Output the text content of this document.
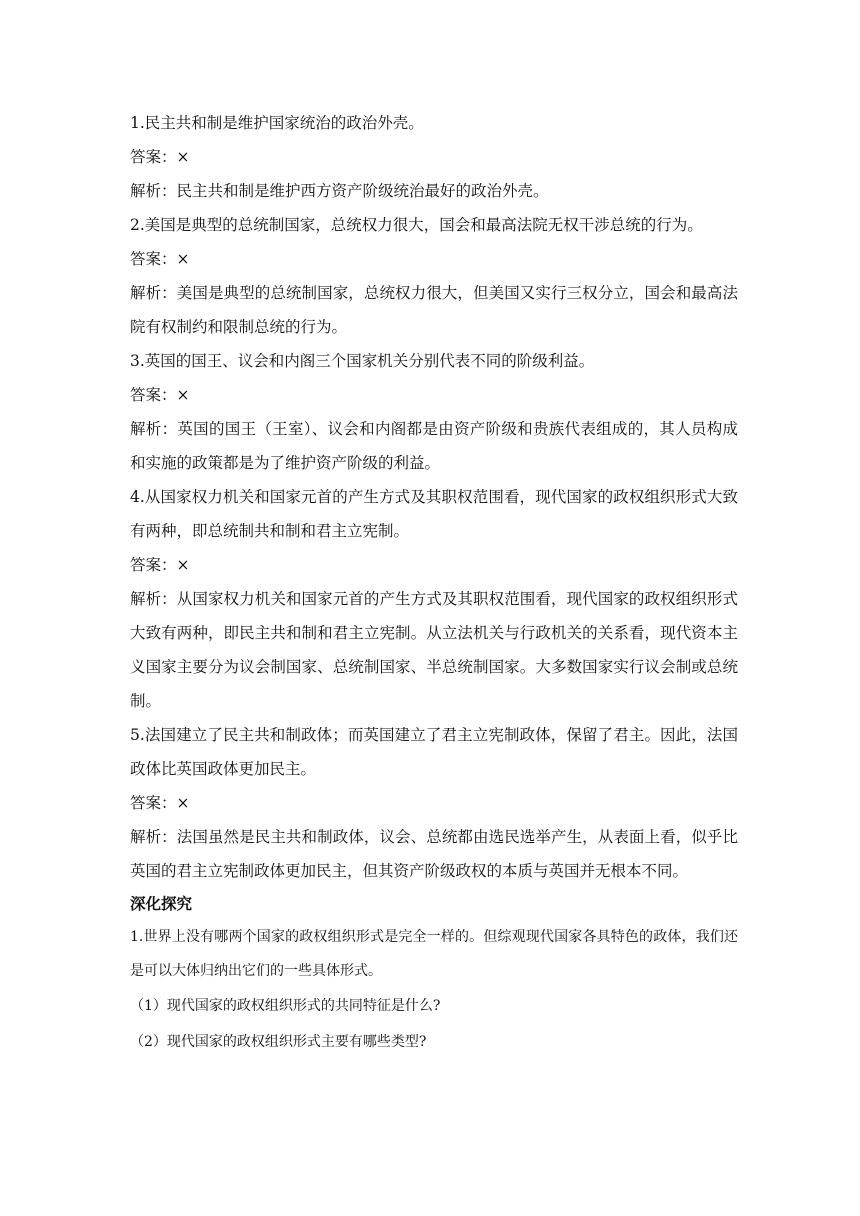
1.民主共和制是维护国家统治的政治外壳。

答案：×

解析：民主共和制是维护西方资产阶级统治最好的政治外壳。

2.美国是典型的总统制国家，总统权力很大，国会和最高法院无权干涉总统的行为。

答案：×

解析：美国是典型的总统制国家，总统权力很大，但美国又实行三权分立，国会和最高法院有权制约和限制总统的行为。

3.英国的国王、议会和内阁三个国家机关分别代表不同的阶级利益。

答案：×

解析：英国的国王（王室）、议会和内阁都是由资产阶级和贵族代表组成的，其人员构成和实施的政策都是为了维护资产阶级的利益。

4.从国家权力机关和国家元首的产生方式及其职权范围看，现代国家的政权组织形式大致有两种，即总统制共和制和君主立宪制。

答案：×

解析：从国家权力机关和国家元首的产生方式及其职权范围看，现代国家的政权组织形式大致有两种，即民主共和制和君主立宪制。从立法机关与行政机关的关系看，现代资本主义国家主要分为议会制国家、总统制国家、半总统制国家。大多数国家实行议会制或总统制。

5.法国建立了民主共和制政体；而英国建立了君主立宪制政体，保留了君主。因此，法国政体比英国政体更加民主。

答案：×

解析：法国虽然是民主共和制政体，议会、总统都由选民选举产生，从表面上看，似乎比英国的君主立宪制政体更加民主，但其资产阶级政权的本质与英国并无根本不同。

深化探究

1.世界上没有哪两个国家的政权组织形式是完全一样的。但综观现代国家各具特色的政体，我们还是可以大体归纳出它们的一些具体形式。

（1）现代国家的政权组织形式的共同特征是什么?

（2）现代国家的政权组织形式主要有哪些类型?
